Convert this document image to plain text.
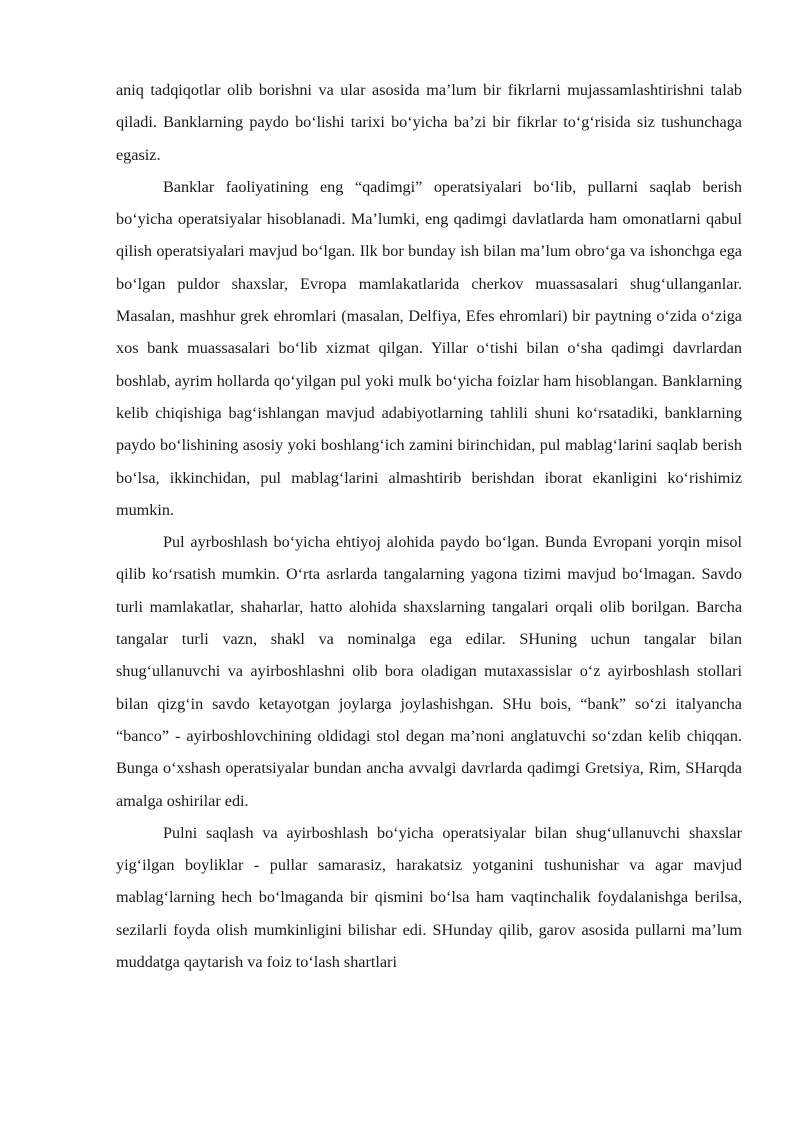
aniq tadqiqotlar olib borishni va ular asosida ma’lum bir fikrlarni mujassamlashtirishni talab qiladi. Banklarning paydo bo‘lishi tarixi bo‘yicha ba’zi bir fikrlar to‘g‘risida siz tushunchaga egasiz.

Banklar faoliyatining eng “qadimgi” operatsiyalari bo‘lib, pullarni saqlab berish bo‘yicha operatsiyalar hisoblanadi. Ma’lumki, eng qadimgi davlatlarda ham omonatlarni qabul qilish operatsiyalari mavjud bo‘lgan. Ilk bor bunday ish bilan ma’lum obro‘ga va ishonchga ega bo‘lgan puldor shaxslar, Evropa mamlakatlarida cherkov muassasalari shug‘ullanganlar. Masalan, mashhur grek ehromlari (masalan, Delfiya, Efes ehromlari) bir paytning o‘zida o‘ziga xos bank muassasalari bo‘lib xizmat qilgan. Yillar o‘tishi bilan o‘sha qadimgi davrlardan boshlab, ayrim hollarda qo‘yilgan pul yoki mulk bo‘yicha foizlar ham hisoblangan. Banklarning kelib chiqishiga bag‘ishlangan mavjud adabiyotlarning tahlili shuni ko‘rsatadiki, banklarning paydo bo‘lishining asosiy yoki boshlang‘ich zamini birinchidan, pul mablag‘larini saqlab berish bo‘lsa, ikkinchidan, pul mablag‘larini almashtirib berishdan iborat ekanligini ko‘rishimiz mumkin.

Pul ayrboshlash bo‘yicha ehtiyoj alohida paydo bo‘lgan. Bunda Evropani yorqin misol qilib ko‘rsatish mumkin. O‘rta asrlarda tangalarning yagona tizimi mavjud bo‘lmagan. Savdo turli mamlakatlar, shaharlar, hatto alohida shaxslarning tangalari orqali olib borilgan. Barcha tangalar turli vazn, shakl va nominalga ega edilar. SHuning uchun tangalar bilan shug‘ullanuvchi va ayirboshlashni olib bora oladigan mutaxassislar o‘z ayirboshlash stollari bilan qizg‘in savdo ketayotgan joylarga joylashishgan. SHu bois, “bank” so‘zi italyancha “banco” - ayirboshlovchining oldidagi stol degan ma’noni anglatuvchi so‘zdan kelib chiqqan. Bunga o‘xshash operatsiyalar bundan ancha avvalgi davrlarda qadimgi Gretsiya, Rim, SHarqda amalga oshirilar edi.

Pulni saqlash va ayirboshlash bo‘yicha operatsiyalar bilan shug‘ullanuvchi shaxslar yig‘ilgan boyliklar - pullar samarasiz, harakatsiz yotganini tushunishar va agar mavjud mablag‘larning hech bo‘lmaganda bir qismini bo‘lsa ham vaqtinchalik foydalanishga berilsa, sezilarli foyda olish mumkinligini bilishar edi. SHunday qilib, garov asosida pullarni ma’lum muddatga qaytarish va foiz to‘lash shartlari
